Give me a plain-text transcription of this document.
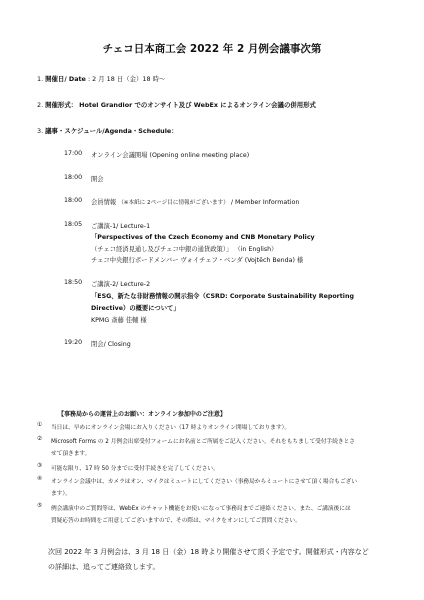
チェコ日本商工会 2022 年 2 月例会議事次第
1. 開催日/ Date : 2 月 18 日（金）18 時〜
2. 開催形式： Hotel Grandior でのオンサイト及び WebEx によるオンライン会議の併用形式
3. 議事・スケジュール/Agenda・Schedule：
17:00 オンライン会議開場 (Opening online meeting place)
18:00 開会
18:00 会員情報 （※本紙に 2ページ目に情報がございます） / Member Information
18:05 ご講演-1/ Lecture-1
「Perspectives of the Czech Economy and CNB Monetary Policy
（チェコ経済見通し及びチェコ中銀の通貨政策）」 （in English）
チェコ中央銀行ボードメンバー ヴォイチェフ・ベンダ (Vojtěch Benda) 様
18:50 ご講演-2/ Lecture-2
「ESG、新たな非財務情報の開示指令（CSRD: Corporate Sustainability Reporting
Directive）の概要について」
KPMG 斎藤 佳輔 様
19:20 閉会/ Closing
【事務局からの運営上のお願い：オンライン参加中のご注意】
① 当日は、早めにオンライン会場にお入りください（17 時よりオンライン開場しております）。
② Microsoft Forms の 2 月例会出席受付フォームにお名前とご所属をご記入ください。それをもちまして受付手続きとさ
せて頂きます。
③ 可能な限り、17 時 50 分までに受付手続きを完了してください。
④ オンライン会議中は、カメラはオン、マイクはミュートにしてください（事務局からミュートにさせて頂く場合もござい
ます）。
⑤ 例会講演中のご質問等は、WebEx のチャット機能をお使いになって事務局までご連絡ください。また、ご講演後には
質疑応答のお時間をご用意してございますので、その際は、マイクをオンにしてご質問ください。
次回 2022 年 3 月例会は、3 月 18 日（金）18 時より開催させて頂く予定です。開催形式・内容など
の詳細は、追ってご連絡致します。
